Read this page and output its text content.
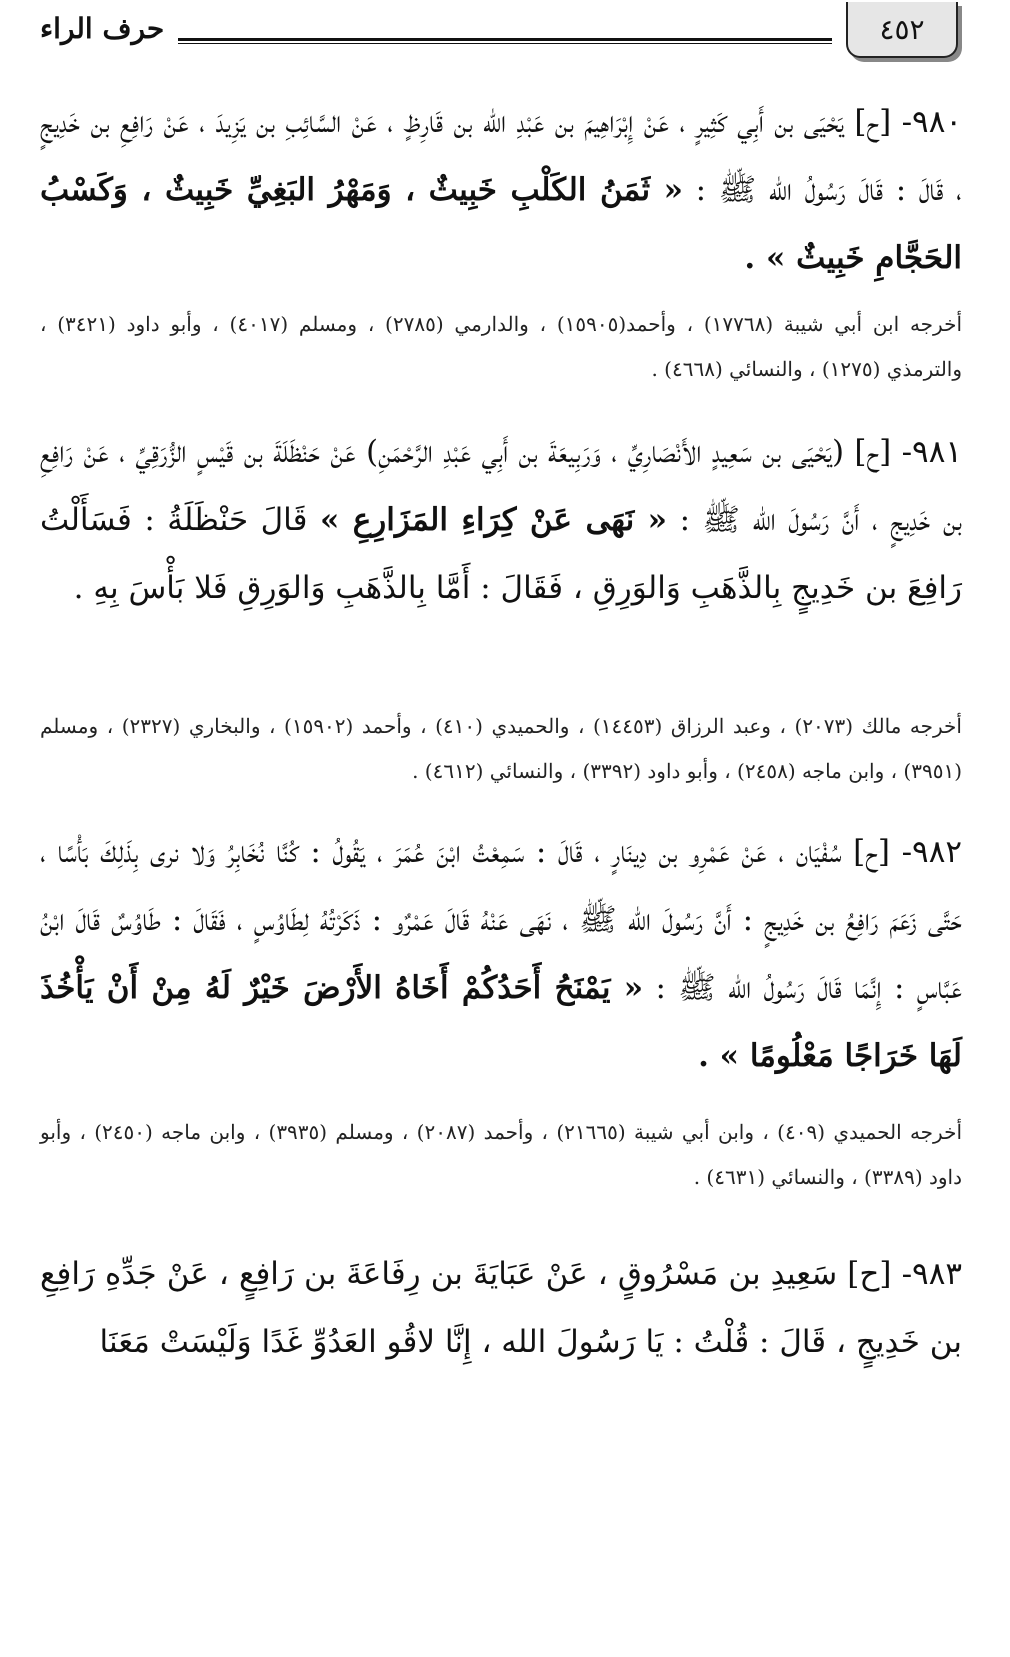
٤٥٢
حرف الراء

٩٨٠- [ح] يَحْيَى بن أَبِي كَثِيرٍ ، عَنْ إِبْرَاهِيمَ بن عَبْدِ الله بن قَارِظٍ ، عَنْ السَّائِبِ بن يَزِيدَ ، عَنْ رَافِعِ بن خَدِيجٍ ، قَالَ : قَالَ رَسُولُ الله ﷺ : « ثَمَنُ الكَلْبِ خَبِيثٌ ، وَمَهْرُ البَغِيِّ خَبِيثٌ ، وَكَسْبُ الحَجَّامِ خَبِيثٌ » .

أخرجه ابن أبي شيبة (١٧٧٦٨) ، وأحمد(١٥٩٠٥) ، والدارمي (٢٧٨٥) ، ومسلم (٤٠١٧) ، وأبو داود (٣٤٢١) ، والترمذي (١٢٧٥) ، والنسائي (٤٦٦٨) .

٩٨١- [ح] (يَحْيَى بن سَعِيدٍ الأَنْصَارِيِّ ، وَرَبِيعَةَ بن أَبِي عَبْدِ الرَّحْمَنِ) عَنْ حَنْظَلَةَ بن قَيْسٍ الزُّرَقِيِّ ، عَنْ رَافِعِ بن خَدِيجٍ ، أَنَّ رَسُولَ الله ﷺ : « نَهَى عَنْ كِرَاءِ المَزَارِعِ » قَالَ حَنْظَلَةُ : فَسَأَلْتُ رَافِعَ بن خَدِيجٍ بِالذَّهَبِ وَالوَرِقِ ، فَقَالَ : أَمَّا بِالذَّهَبِ وَالوَرِقِ فَلا بَأْسَ بِهِ .

أخرجه مالك (٢٠٧٣) ، وعبد الرزاق (١٤٤٥٣) ، والحميدي (٤١٠) ، وأحمد (١٥٩٠٢) ، والبخاري (٢٣٢٧) ، ومسلم (٣٩٥١) ، وابن ماجه (٢٤٥٨) ، وأبو داود (٣٣٩٢) ، والنسائي (٤٦١٢) .

٩٨٢- [ح] سُفْيَان ، عَنْ عَمْرِو بن دِينَارٍ ، قَالَ : سَمِعْتُ ابْنَ عُمَرَ ، يَقُولُ : كُنَّا نُخَابِرُ وَلا نرى بِذَلِكَ بَأْسًا ، حَتَّى زَعَمَ رَافِعُ بن خَدِيجٍ : أَنَّ رَسُولَ الله ﷺ ، نَهَى عَنْهُ قَالَ عَمْرٌو : ذَكَرْتُهُ لِطَاوُسٍ ، فَقَالَ : طَاوُسٌ قَالَ ابْنُ عَبَّاسٍ : إِنَّمَا قَالَ رَسُولُ الله ﷺ : « يَمْنَحُ أَحَدُكُمْ أَخَاهُ الأَرْضَ خَيْرٌ لَهُ مِنْ أَنْ يَأْخُذَ لَهَا خَرَاجًا مَعْلُومًا » .

أخرجه الحميدي (٤٠٩) ، وابن أبي شيبة (٢١٦٦٥) ، وأحمد (٢٠٨٧) ، ومسلم (٣٩٣٥) ، وابن ماجه (٢٤٥٠) ، وأبو داود (٣٣٨٩) ، والنسائي (٤٦٣١) .

٩٨٣- [ح] سَعِيدِ بن مَسْرُوقٍ ، عَنْ عَبَايَةَ بن رِفَاعَةَ بن رَافِعٍ ، عَنْ جَدِّهِ رَافِعِ بن خَدِيجٍ ، قَالَ : قُلْتُ : يَا رَسُولَ الله ، إِنَّا لاقُو العَدُوِّ غَدًا وَلَيْسَتْ مَعَنَا
